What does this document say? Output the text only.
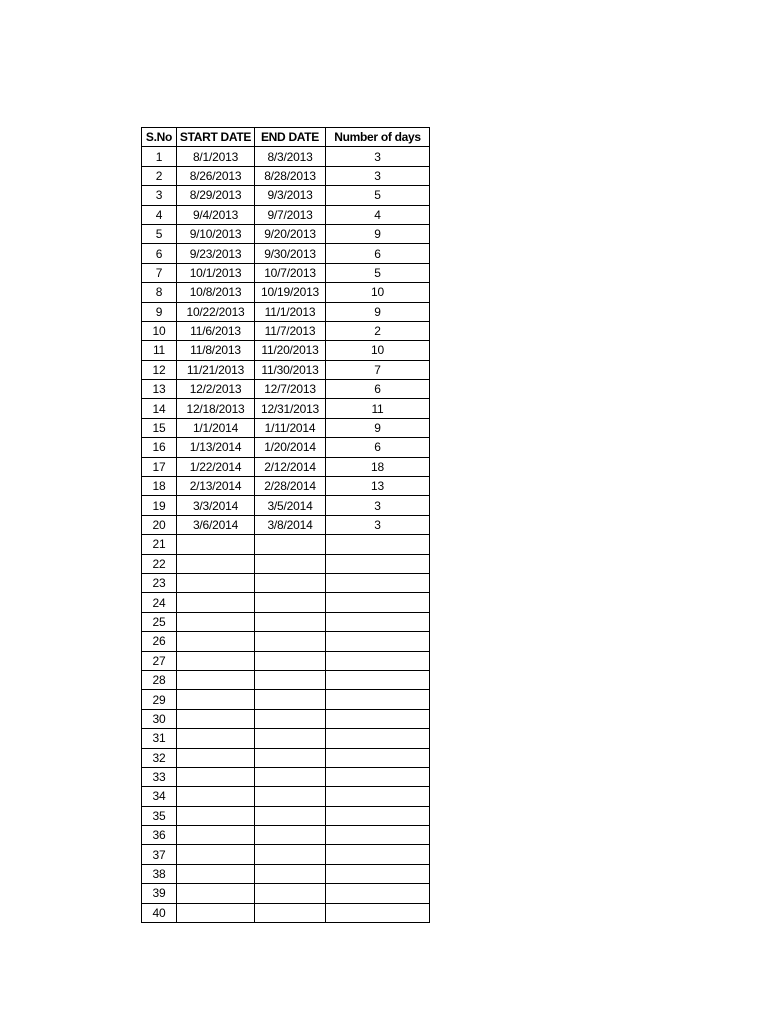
S.No	START DATE	END DATE	Number of days
1	8/1/2013	8/3/2013	3
2	8/26/2013	8/28/2013	3
3	8/29/2013	9/3/2013	5
4	9/4/2013	9/7/2013	4
5	9/10/2013	9/20/2013	9
6	9/23/2013	9/30/2013	6
7	10/1/2013	10/7/2013	5
8	10/8/2013	10/19/2013	10
9	10/22/2013	11/1/2013	9
10	11/6/2013	11/7/2013	2
11	11/8/2013	11/20/2013	10
12	11/21/2013	11/30/2013	7
13	12/2/2013	12/7/2013	6
14	12/18/2013	12/31/2013	11
15	1/1/2014	1/11/2014	9
16	1/13/2014	1/20/2014	6
17	1/22/2014	2/12/2014	18
18	2/13/2014	2/28/2014	13
19	3/3/2014	3/5/2014	3
20	3/6/2014	3/8/2014	3
21			
22			
23			
24			
25			
26			
27			
28			
29			
30			
31			
32			
33			
34			
35			
36			
37			
38			
39			
40			
